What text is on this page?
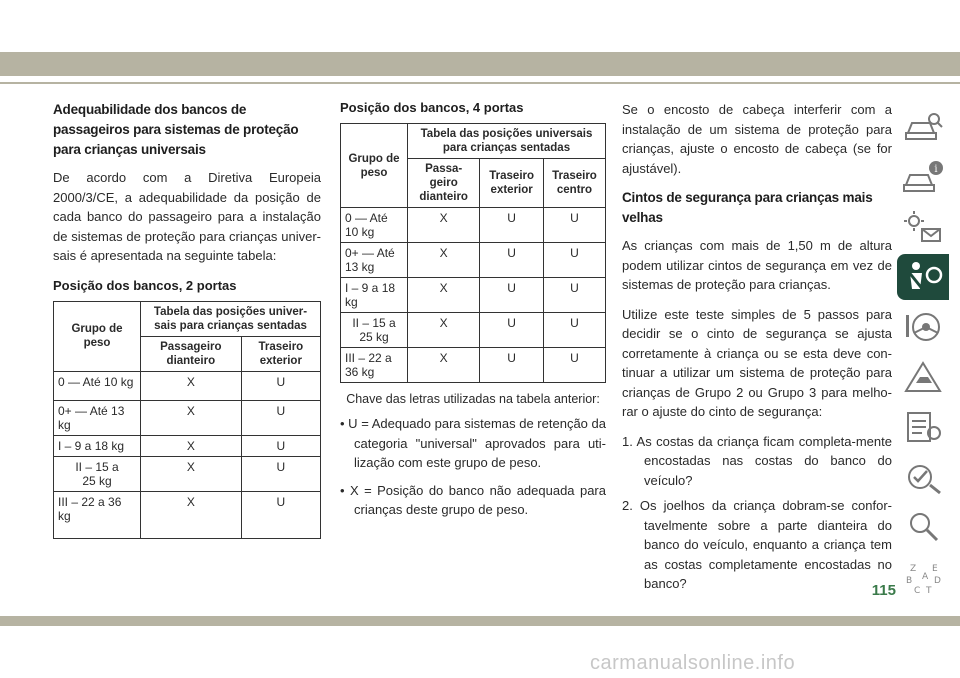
Adequabilidade dos bancos de passageiros para sistemas de proteção para crianças universais

De acordo com a Diretiva Europeia 2000/3/CE, a adequabilidade da posição de cada banco do passageiro para a instalação de sistemas de proteção para crianças univer-sais é apresentada na seguinte tabela:

Posição dos bancos, 2 portas
Grupo de peso	Tabela das posições univer-sais para crianças sentadas	
	Passageiro dianteiro	Traseiro exterior
0 — Até 10 kg	X	U
0+ — Até 13 kg	X	U
I – 9 a 18 kg	X	U
II – 15 a 25 kg	X	U
III – 22 a 36 kg	X	U
Posição dos bancos, 4 portas
Grupo de peso	Tabela das posições universais para crianças sentadas		
	Passa-geiro dianteiro	Traseiro exterior	Traseiro centro
0 — Até 10 kg	X	U	U
0+ — Até 13 kg	X	U	U
I – 9 a 18 kg	X	U	U
II – 15 a 25 kg	X	U	U
III – 22 a 36 kg	X	U	U
Chave das letras utilizadas na tabela anterior:
• U = Adequado para sistemas de retenção da categoria "universal" aprovados para uti-lização com este grupo de peso.
• X = Posição do banco não adequada para crianças deste grupo de peso.

Se o encosto de cabeça interferir com a instalação de um sistema de proteção para crianças, ajuste o encosto de cabeça (se for ajustável).

Cintos de segurança para crianças mais velhas

As crianças com mais de 1,50 m de altura podem utilizar cintos de segurança em vez de sistemas de proteção para crianças.

Utilize este teste simples de 5 passos para decidir se o cinto de segurança se ajusta corretamente à criança ou se esta deve con-tinuar a utilizar um sistema de proteção para crianças de Grupo 2 ou Grupo 3 para melho-rar o ajuste do cinto de segurança:

1. As costas da criança ficam completa-mente encostadas nas costas do banco do veículo?
2. Os joelhos da criança dobram-se confor-tavelmente sobre a parte dianteira do banco do veículo, enquanto a criança tem as costas completamente encostadas no banco?
i
Z E
B D
A
C T
115
carmanualsonline.info
